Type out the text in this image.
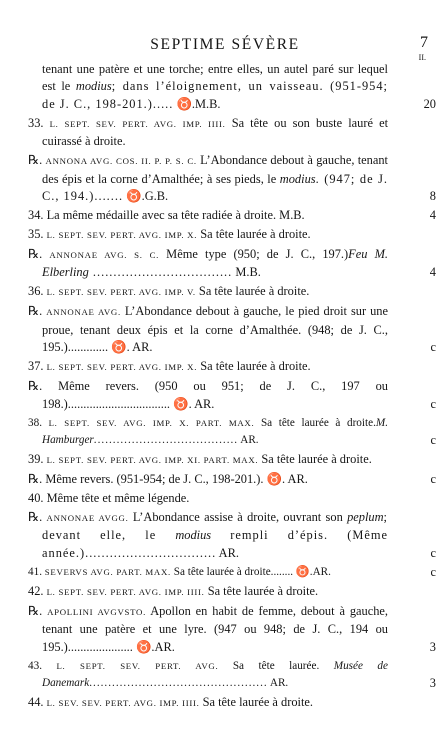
SEPTIME SÉVÈRE	7
II.
tenant une patère et une torche; entre elles, un autel paré sur lequel est le modius; dans l’éloignement, un vaisseau. (951-954; de J. C., 198-201.)..... ♉.M.B.	20
33. L. SEPT. SEV. PERT. AVG. IMP. IIII. Sa tête ou son buste lauré et cuirassé à droite.
℞. ANNONA AVG. COS. II. P. P. S. C. L’Abondance debout à gauche, tenant des épis et la corne d’Amalthée; à ses pieds, le modius. (947; de J. C., 194.)....... ♉.G.B.	8
34. La même médaille avec sa tête radiée à droite. M.B.	4
35. L. SEPT. SEV. PERT. AVG. IMP. X. Sa tête laurée à droite.
℞. ANNONAE AVG. S. C. Même type (950; de J. C., 197.)Feu M. Elberling .................................. M.B.	4
36. L. SEPT. SEV. PERT. AVG. IMP. V. Sa tête laurée à droite.
℞. ANNONAE AVG. L’Abondance debout à gauche, le pied droit sur une proue, tenant deux épis et la corne d’Amalthée. (948; de J. C., 195.)............. ♉. AR.	c
37. L. SEPT. SEV. PERT. AVG. IMP. X. Sa tête laurée à droite.
℞. Même revers. (950 ou 951; de J. C., 197 ou 198.)................................. ♉. AR.	c
38. L. SEPT. SEV. AVG. IMP. X. PART. MAX. Sa tête laurée à droite.M. Hamburger...................................... AR.	c
39. L. SEPT. SEV. PERT. AVG. IMP. XI. PART. MAX. Sa tête laurée à droite.
℞. Même revers. (951-954; de J. C., 198-201.). ♉. AR.	c
40. Même tête et même légende.
℞. ANNONAE AVGG. L’Abondance assise à droite, ouvrant son peplum; devant elle, le modius rempli d’épis. (Même année.)................................ AR.	c
41. SEVERVS AVG. PART. MAX. Sa tête laurée à droite........ ♉.AR.	c
42. L. SEPT. SEV. PERT. AVG. IMP. IIII. Sa tête laurée à droite.
℞. APOLLINI AVGVSTO. Apollon en habit de femme, debout à gauche, tenant une patère et une lyre. (947 ou 948; de J. C., 194 ou 195.)..................... ♉.AR.	3
43. L. SEPT. SEV. PERT. AVG. Sa tête laurée. Musée de Danemark............................................... AR.	3
44. L. SEV. SEV. PERT. AVG. IMP. IIII. Sa tête laurée à droite.
